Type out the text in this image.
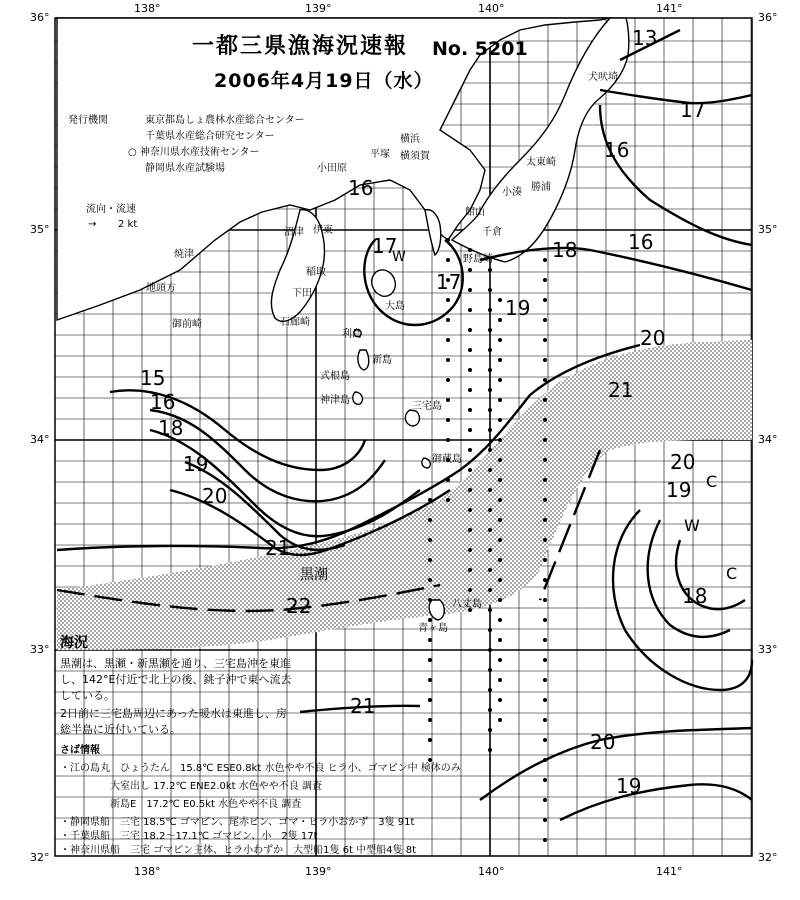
138°	139°	140°	141°
138°	139°	140°	141°
36°
35°
34°
33°
32°
36°
35°
34°
33°
32°
一都三県漁海況速報 No. 5201
2006年4月19日（水）
発行機関	東京都島しょ農林水産総合センター
千葉県水産総合研究センター
○ 神奈川県水産技術センター
静岡県水産試験場
流向・流速
→ 2 kt
犬吠埼
太東崎
勝浦
小湊
館山
千倉
野島崎
横須賀
平塚
小田原
横浜
沼津 伊東
稲取
下田
石廊崎
焼津
地頭方
御前崎
利島
新島
式根島
神津島
三宅島
御蔵島
八丈島
青ヶ島
大島
黒潮
13
15
16
16
16
16
17
17
17
18
18
18
19
19
19
19
20
20
20
20
21
21
21
22
W
C
W
C
海況
黒潮は、黒瀬・新黒瀬を通り、三宅島沖を東進
し、142°E付近で北上の後、銚子沖で東へ流去
している。
2日前に三宅島周辺にあった暖水は東進し、房
総半島に近付いている。
さば情報
・江の島丸　ひょうたん　15.8℃ ESE0.8kt 水色やや不良 ヒラ小、ゴマピン中 検体のみ
　　　　　大室出し 17.2℃ ENE2.0kt 水色やや不良 調査
　　　　　新島E　17.2℃ E0.5kt 水色やや不良 調査
・静岡県船　三宅 18.5℃ ゴマピン、尾赤ピン、ゴマ・ヒラ小おかず　3隻 91t
・千葉県船　三宅 18.2～17.1℃ ゴマピン、小　2隻 17t
・神奈川県船　三宅 ゴマピン主体、ヒラ小わずか　大型船1隻 6t 中型船4隻 8t
